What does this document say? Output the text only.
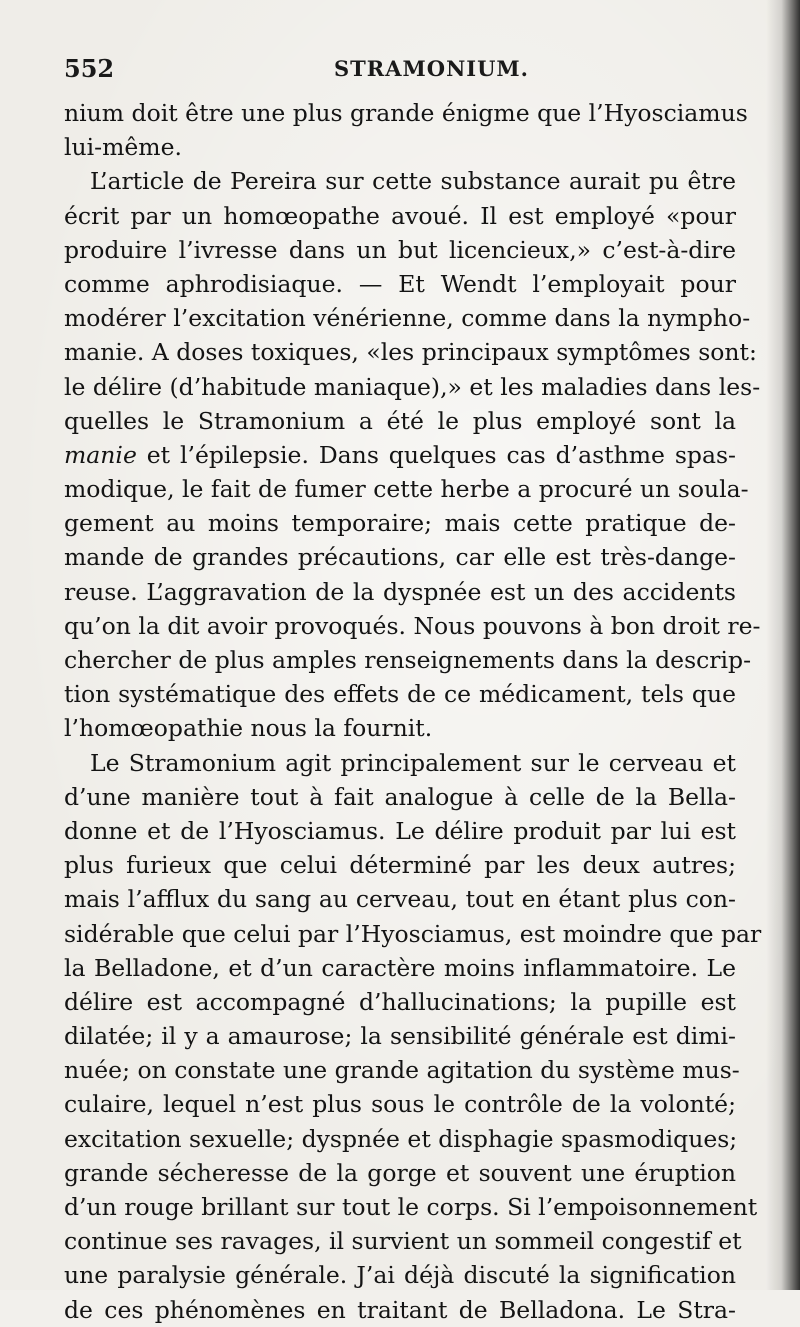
552	STRAMONIUM.
nium doit être une plus grande énigme que l’Hyosciamus
lui-même.
L’article de Pereira sur cette substance aurait pu être
écrit par un homœopathe avoué. Il est employé «pour
produire l’ivresse dans un but licencieux,» c’est-à-dire
comme aphrodisiaque. — Et Wendt l’employait pour
modérer l’excitation vénérienne, comme dans la nympho-
manie. A doses toxiques, «les principaux symptômes sont:
le délire (d’habitude maniaque),» et les maladies dans les-
quelles le Stramonium a été le plus employé sont la
manie et l’épilepsie. Dans quelques cas d’asthme spas-
modique, le fait de fumer cette herbe a procuré un soula-
gement au moins temporaire; mais cette pratique de-
mande de grandes précautions, car elle est très-dange-
reuse. L’aggravation de la dyspnée est un des accidents
qu’on la dit avoir provoqués. Nous pouvons à bon droit re-
chercher de plus amples renseignements dans la descrip-
tion systématique des effets de ce médicament, tels que
l’homœopathie nous la fournit.
Le Stramonium agit principalement sur le cerveau et
d’une manière tout à fait analogue à celle de la Bella-
donne et de l’Hyosciamus. Le délire produit par lui est
plus furieux que celui déterminé par les deux autres;
mais l’afflux du sang au cerveau, tout en étant plus con-
sidérable que celui par l’Hyosciamus, est moindre que par
la Belladone, et d’un caractère moins inflammatoire. Le
délire est accompagné d’hallucinations; la pupille est
dilatée; il y a amaurose; la sensibilité générale est dimi-
nuée; on constate une grande agitation du système mus-
culaire, lequel n’est plus sous le contrôle de la volonté;
excitation sexuelle; dyspnée et disphagie spasmodiques;
grande sécheresse de la gorge et souvent une éruption
d’un rouge brillant sur tout le corps. Si l’empoisonnement
continue ses ravages, il survient un sommeil congestif et
une paralysie générale. J’ai déjà discuté la signification
de ces phénomènes en traitant de Belladona. Le Stra-
